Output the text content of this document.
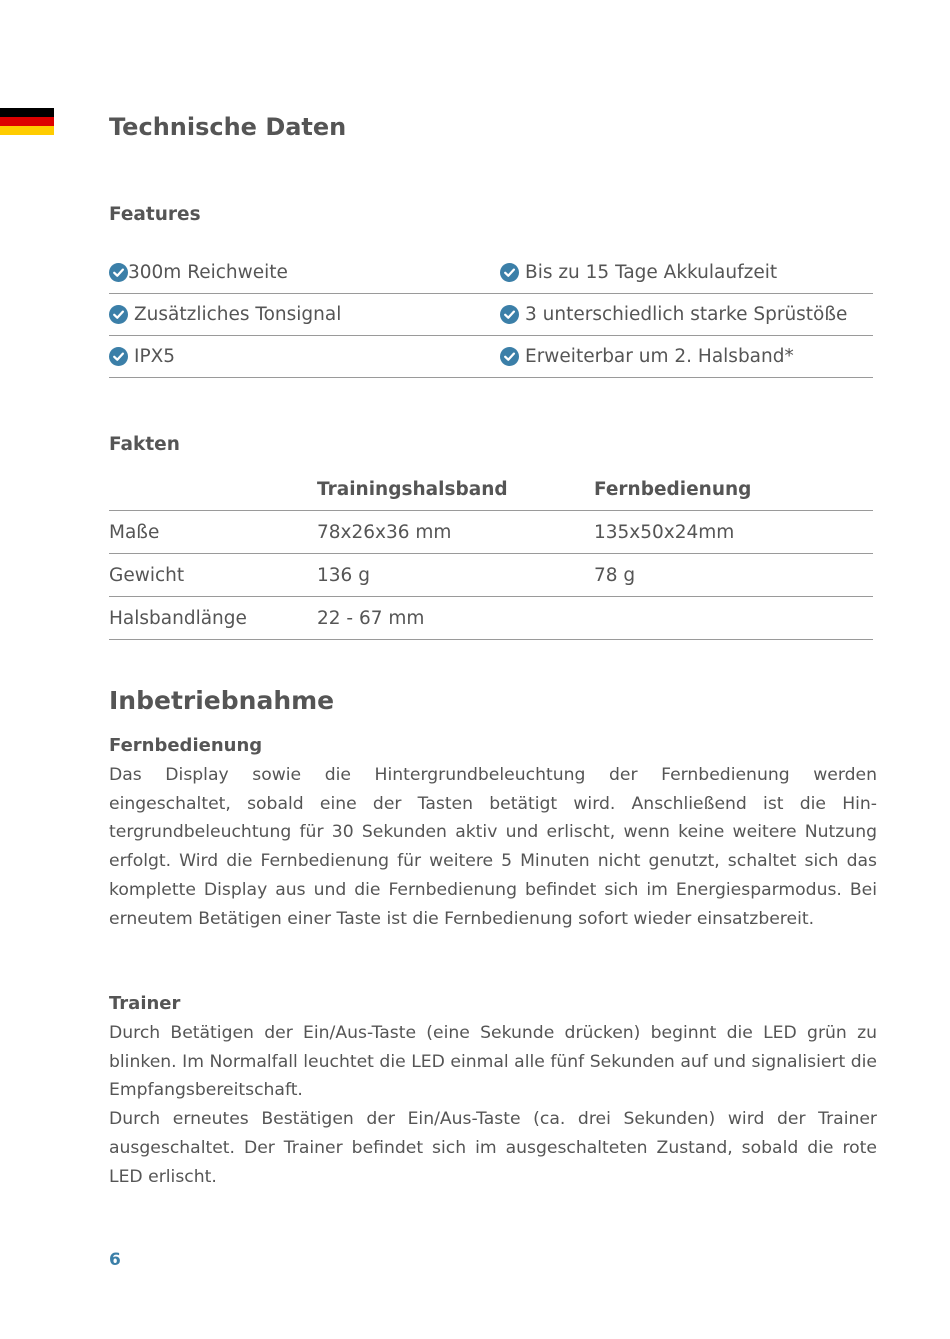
Technische Daten
Features
300m Reichweite	Bis zu 15 Tage Akkulaufzeit
Zusätzliches Tonsignal	3 unterschiedlich starke Sprüstöße
IPX5	Erweiterbar um 2. Halsband*
Fakten
	Trainingshalsband	Fernbedienung
Maße	78x26x36 mm	135x50x24mm
Gewicht	136 g	78 g
Halsbandlänge	22 - 67 mm	
Inbetriebnahme
Fernbedienung

Das Display sowie die Hintergrundbeleuchtung der Fernbedienung werden eingeschaltet, sobald eine der Tasten betätigt wird. Anschließend ist die Hintergrundbeleuchtung für 30 Sekunden aktiv und erlischt, wenn keine weitere Nutzung erfolgt. Wird die Fernbedienung für weitere 5 Minuten nicht genutzt, schaltet sich das komplette Display aus und die Fernbedienung befindet sich im Energiesparmodus. Bei erneutem Betätigen einer Taste ist die Fernbedienung sofort wieder einsatzbereit.

Trainer

Durch Betätigen der Ein/Aus-Taste (eine Sekunde drücken) beginnt die LED grün zu blinken. Im Normalfall leuchtet die LED einmal alle fünf Sekunden auf und signalisiert die Empfangsbereitschaft.

Durch erneutes Bestätigen der Ein/Aus-Taste (ca. drei Sekunden) wird der Trainer ausgeschaltet. Der Trainer befindet sich im ausgeschalteten Zustand, sobald die rote LED erlischt.

6
